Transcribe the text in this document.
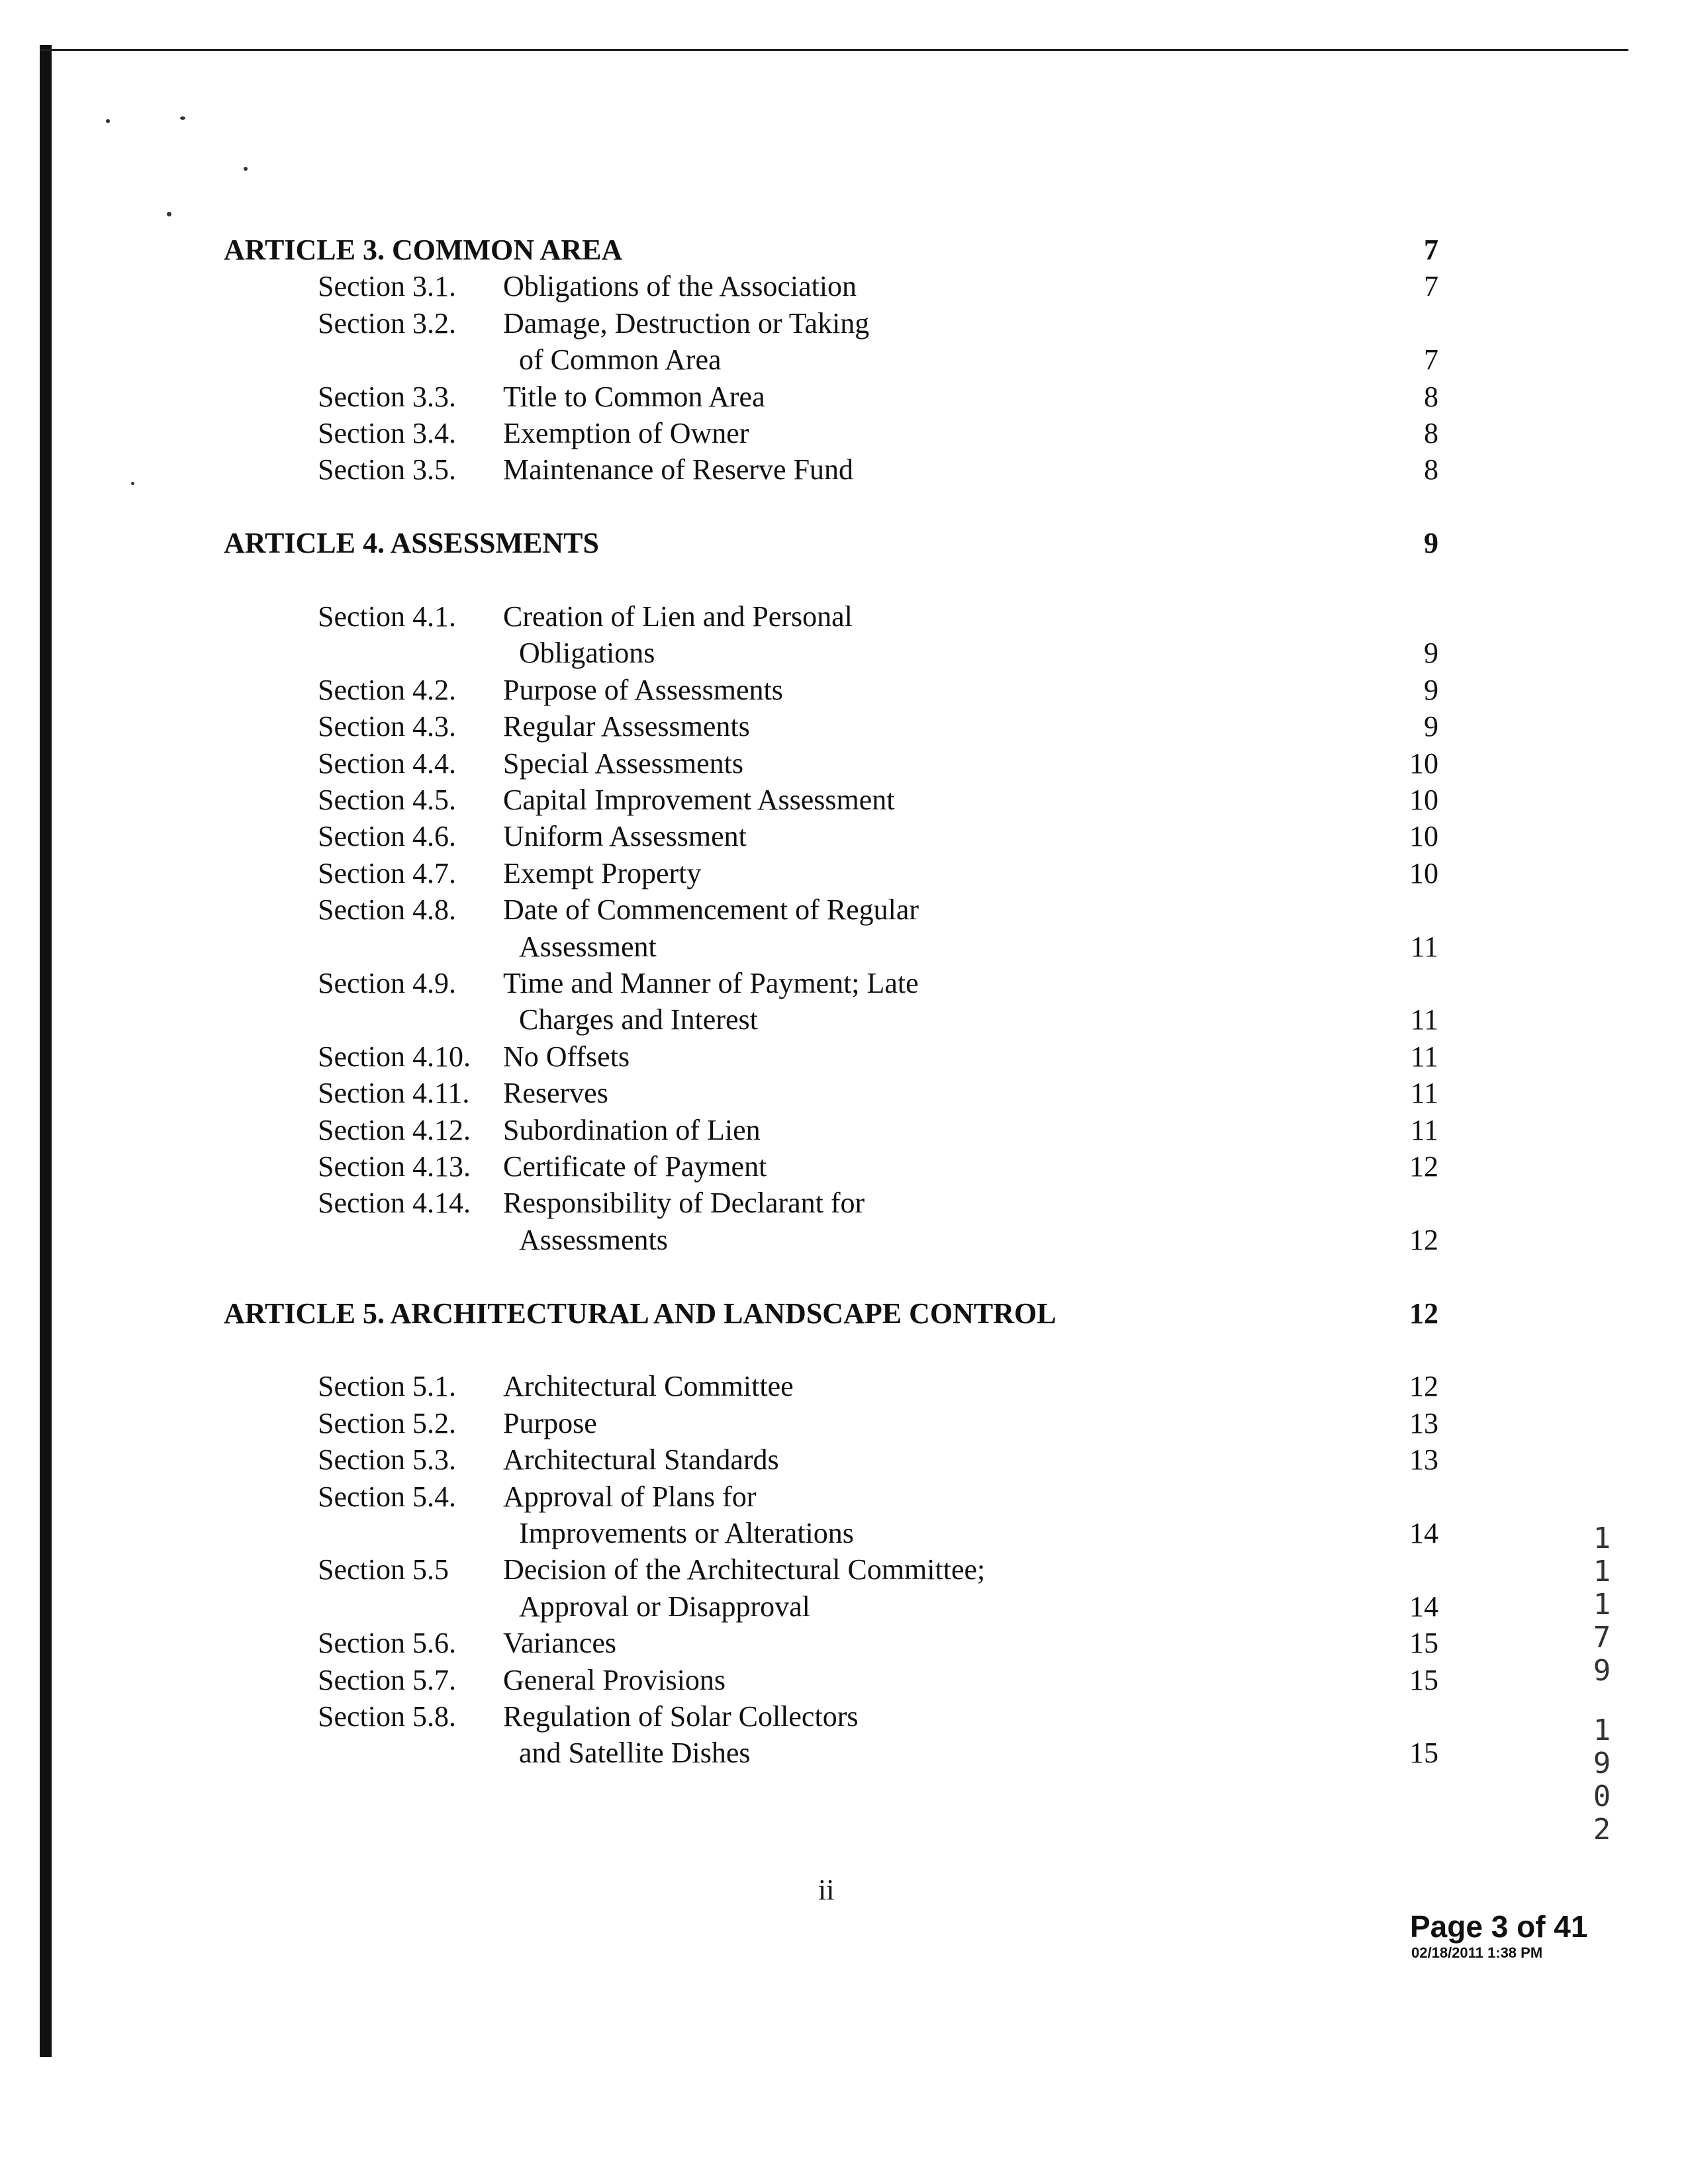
ARTICLE 3. COMMON AREA	7
Section 3.1. Obligations of the Association	7
Section 3.2. Damage, Destruction or Taking
of Common Area	7
Section 3.3. Title to Common Area	8
Section 3.4. Exemption of Owner	8
Section 3.5. Maintenance of Reserve Fund	8
ARTICLE 4. ASSESSMENTS	9
Section 4.1. Creation of Lien and Personal
Obligations	9
Section 4.2. Purpose of Assessments	9
Section 4.3. Regular Assessments	9
Section 4.4. Special Assessments	10
Section 4.5. Capital Improvement Assessment	10
Section 4.6. Uniform Assessment	10
Section 4.7. Exempt Property	10
Section 4.8. Date of Commencement of Regular
Assessment	11
Section 4.9. Time and Manner of Payment; Late
Charges and Interest	11
Section 4.10. No Offsets	11
Section 4.11. Reserves	11
Section 4.12. Subordination of Lien	11
Section 4.13. Certificate of Payment	12
Section 4.14. Responsibility of Declarant for
Assessments	12
ARTICLE 5. ARCHITECTURAL AND LANDSCAPE CONTROL	12
Section 5.1. Architectural Committee	12
Section 5.2. Purpose	13
Section 5.3. Architectural Standards	13
Section 5.4. Approval of Plans for
Improvements or Alterations	14
Section 5.5 Decision of the Architectural Committee;
Approval or Disapproval	14
Section 5.6. Variances	15
Section 5.7. General Provisions	15
Section 5.8. Regulation of Solar Collectors
and Satellite Dishes	15
ii
Page 3 of 41
02/18/2011 1:38 PM
1
1
1
7
9
1
9
0
2
